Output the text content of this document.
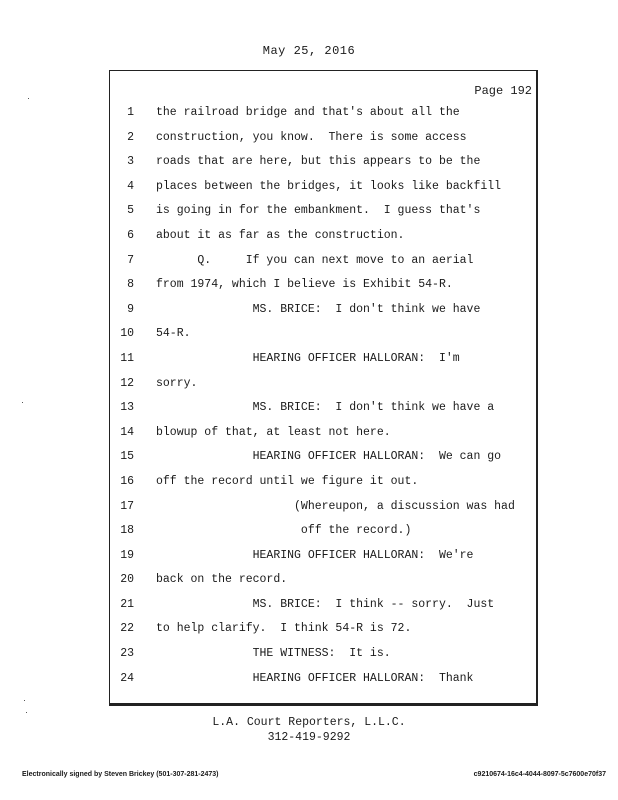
May 25, 2016
Page 192
1 the railroad bridge and that's about all the
2 construction, you know.  There is some access
3 roads that are here, but this appears to be the
4 places between the bridges, it looks like backfill
5 is going in for the embankment.  I guess that's
6 about it as far as the construction.
7 Q.     If you can next move to an aerial
8 from 1974, which I believe is Exhibit 54-R.
9 MS. BRICE:  I don't think we have
10 54-R.
11 HEARING OFFICER HALLORAN:  I'm
12 sorry.
13 MS. BRICE:  I don't think we have a
14 blowup of that, at least not here.
15 HEARING OFFICER HALLORAN:  We can go
16 off the record until we figure it out.
17 (Whereupon, a discussion was had
18 off the record.)
19 HEARING OFFICER HALLORAN:  We're
20 back on the record.
21 MS. BRICE:  I think -- sorry.  Just
22 to help clarify.  I think 54-R is 72.
23 THE WITNESS:  It is.
24 HEARING OFFICER HALLORAN:  Thank
L.A. Court Reporters, L.L.C.
312-419-9292
Electronically signed by Steven Brickey (501-307-281-2473)	c9210674-16c4-4044-8097-5c7600e70f37
